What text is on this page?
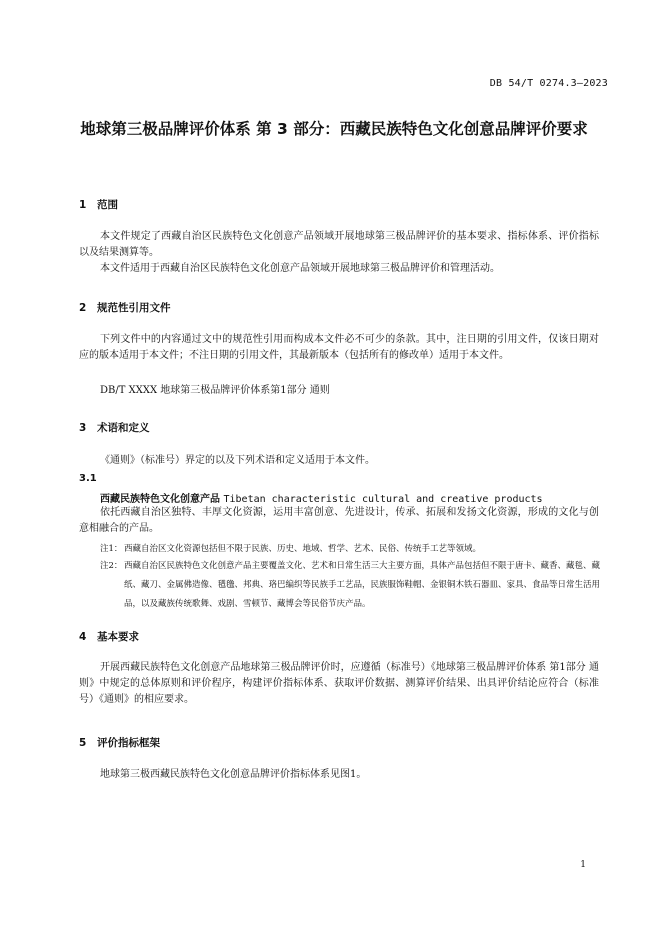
DB 54/T 0274.3—2023
地球第三极品牌评价体系 第 3 部分：西藏民族特色文化创意品牌评价要求
1 范围
本文件规定了西藏自治区民族特色文化创意产品领域开展地球第三极品牌评价的基本要求、指标体系、评价指标以及结果测算等。
本文件适用于西藏自治区民族特色文化创意产品领域开展地球第三极品牌评价和管理活动。
2 规范性引用文件
下列文件中的内容通过文中的规范性引用而构成本文件必不可少的条款。其中，注日期的引用文件，仅该日期对应的版本适用于本文件；不注日期的引用文件，其最新版本（包括所有的修改单）适用于本文件。
DB/T XXXX 地球第三极品牌评价体系第1部分 通则
3 术语和定义
《通则》（标准号）界定的以及下列术语和定义适用于本文件。
3.1
西藏民族特色文化创意产品 Tibetan characteristic cultural and creative products
依托西藏自治区独特、丰厚文化资源，运用丰富创意、先进设计，传承、拓展和发扬文化资源，形成的文化与创意相融合的产品。
注1： 西藏自治区文化资源包括但不限于民族、历史、地域、哲学、艺术、民俗、传统手工艺等领域。
注2： 西藏自治区民族特色文化创意产品主要覆盖文化、艺术和日常生活三大主要方面，具体产品包括但不限于唐卡、藏香、藏毯、藏纸、藏刀、金属佛造像、氆氇、邦典、珞巴编织等民族手工艺品，民族服饰鞋帽、金银铜木铁石器皿、家具、食品等日常生活用品，以及藏族传统歌舞、戏剧、雪顿节、藏博会等民俗节庆产品。
4 基本要求
开展西藏民族特色文化创意产品地球第三极品牌评价时，应遵循（标准号）《地球第三极品牌评价体系 第1部分 通则》中规定的总体原则和评价程序，构建评价指标体系、获取评价数据、测算评价结果、出具评价结论应符合（标准号）《通则》的相应要求。
5 评价指标框架
地球第三极西藏民族特色文化创意品牌评价指标体系见图1。
1
